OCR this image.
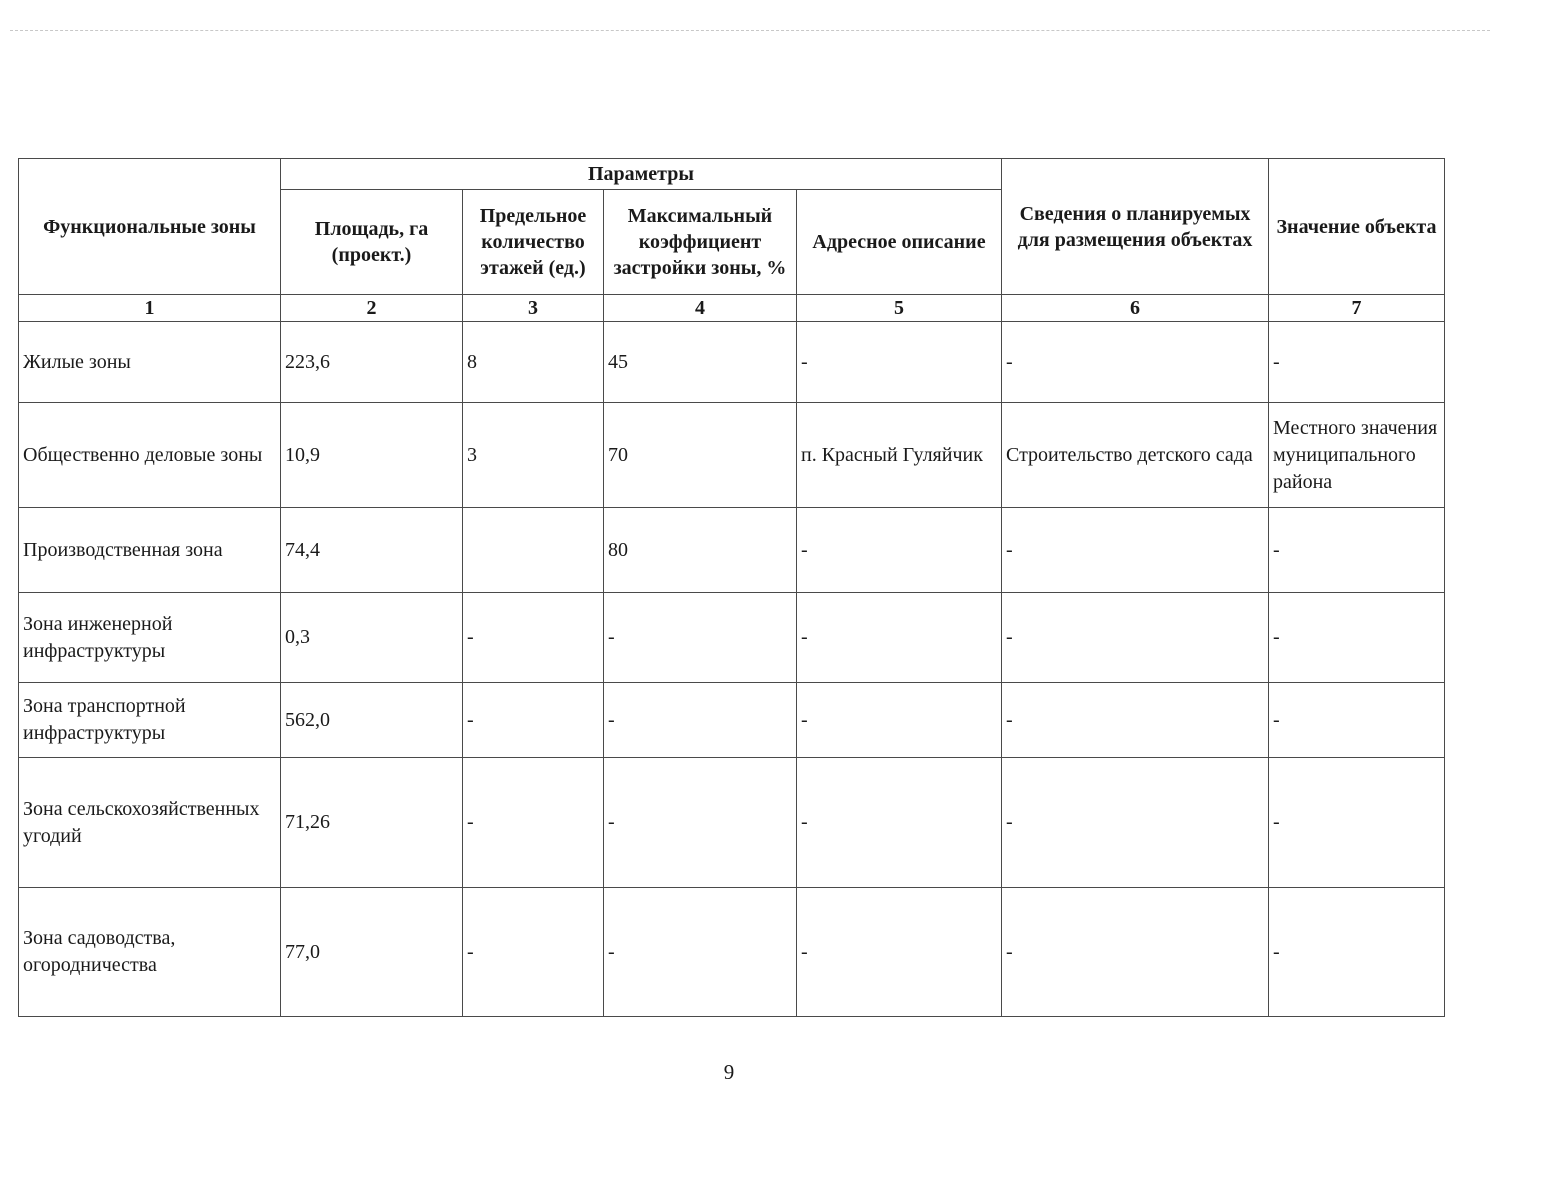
Функциональные зоны	Параметры				Сведения о планируемых для размещения объектах	Значение объекта
	Площадь, га (проект.)	Предельное количество этажей (ед.)	Максимальный коэффициент застройки зоны, %	Адресное описание		
1	2	3	4	5	6	7
Жилые зоны	223,6	8	45	-	-	-
Общественно деловые зоны	10,9	3	70	п. Красный Гуляйчик	Строительство детского сада	Местного значения муниципального района
Производственная зона	74,4		80	-	-	-
Зона инженерной инфраструктуры	0,3	-	-	-	-	-
Зона транспортной инфраструктуры	562,0	-	-	-	-	-
Зона сельскохозяйственных угодий	71,26	-	-	-	-	-
Зона садоводства, огородничества	77,0	-	-	-	-	-
9
